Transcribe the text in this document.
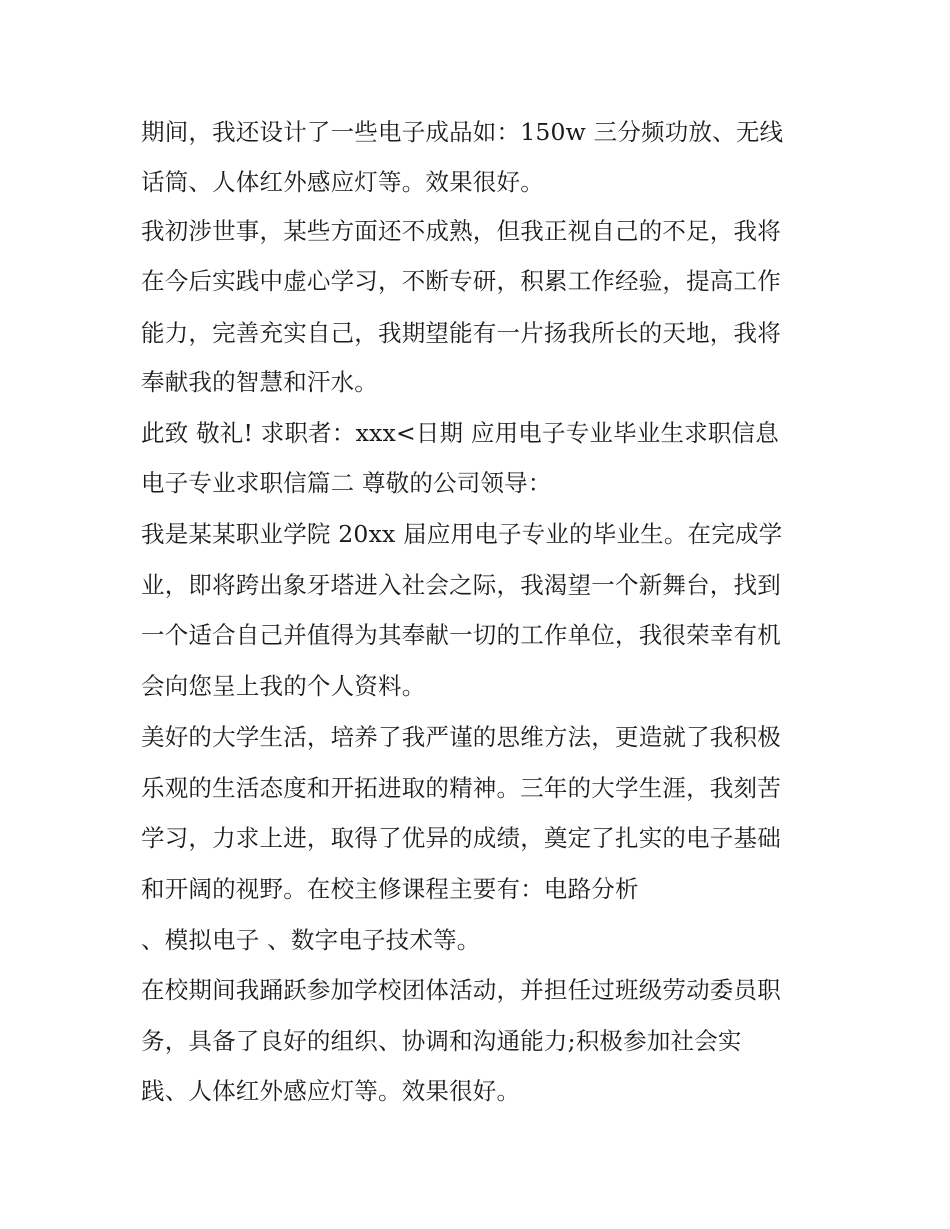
期间，我还设计了一些电子成品如：150w 三分频功放、无线
话筒、人体红外感应灯等。效果很好。
我初涉世事，某些方面还不成熟，但我正视自己的不足，我将
在今后实践中虚心学习，不断专研，积累工作经验，提高工作
能力，完善充实自己，我期望能有一片扬我所长的天地，我将
奉献我的智慧和汗水。
此致 敬礼! 求职者：xxx<日期 应用电子专业毕业生求职信息
电子专业求职信篇二 尊敬的公司领导：
我是某某职业学院 20xx 届应用电子专业的毕业生。在完成学
业，即将跨出象牙塔进入社会之际，我渴望一个新舞台，找到
一个适合自己并值得为其奉献一切的工作单位，我很荣幸有机
会向您呈上我的个人资料。
美好的大学生活，培养了我严谨的思维方法，更造就了我积极
乐观的生活态度和开拓进取的精神。三年的大学生涯，我刻苦
学习，力求上进，取得了优异的成绩，奠定了扎实的电子基础
和开阔的视野。在校主修课程主要有：电路分析
、模拟电子 、数字电子技术等。
在校期间我踊跃参加学校团体活动，并担任过班级劳动委员职
务，具备了良好的组织、协调和沟通能力;积极参加社会实
践、人体红外感应灯等。效果很好。
